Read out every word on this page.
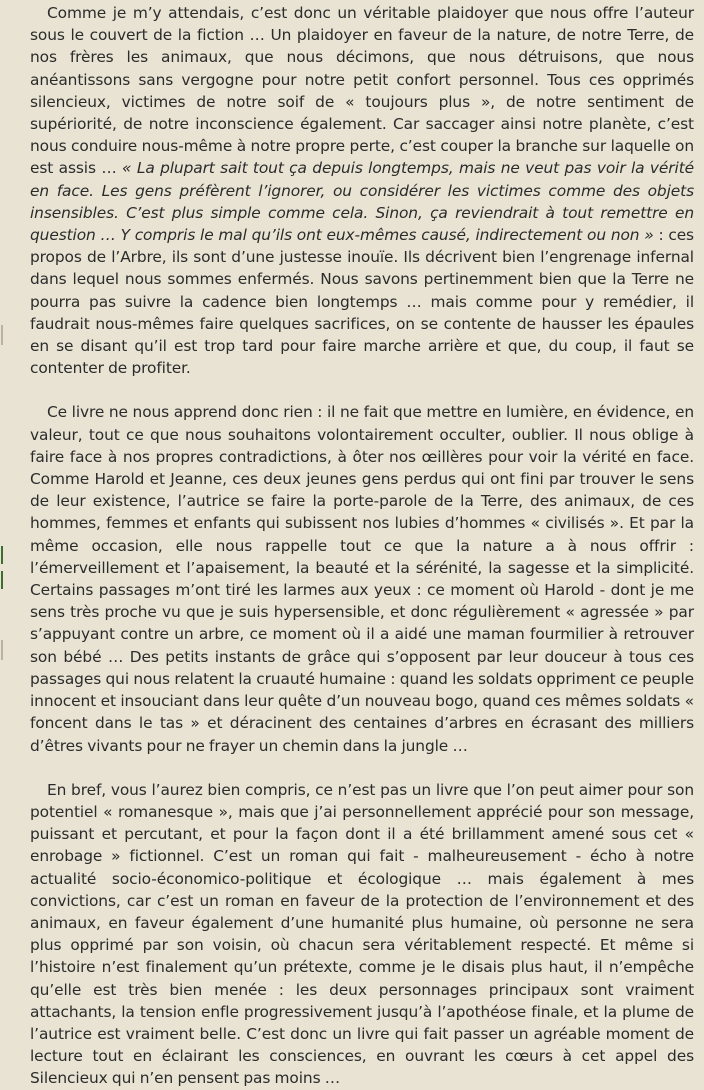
Comme je m’y attendais, c’est donc un véritable plaidoyer que nous offre l’auteur sous le couvert de la fiction … Un plaidoyer en faveur de la nature, de notre Terre, de nos frères les animaux, que nous décimons, que nous détruisons, que nous anéantissons sans vergogne pour notre petit confort personnel. Tous ces opprimés silencieux, victimes de notre soif de « toujours plus », de notre sentiment de supériorité, de notre inconscience également. Car saccager ainsi notre planète, c’est nous conduire nous-même à notre propre perte, c’est couper la branche sur laquelle on est assis … « La plupart sait tout ça depuis longtemps, mais ne veut pas voir la vérité en face. Les gens préfèrent l’ignorer, ou considérer les victimes comme des objets insensibles. C’est plus simple comme cela. Sinon, ça reviendrait à tout remettre en question … Y compris le mal qu’ils ont eux-mêmes causé, indirectement ou non » : ces propos de l’Arbre, ils sont d’une justesse inouïe. Ils décrivent bien l’engrenage infernal dans lequel nous sommes enfermés. Nous savons pertinemment bien que la Terre ne pourra pas suivre la cadence bien longtemps … mais comme pour y remédier, il faudrait nous-mêmes faire quelques sacrifices, on se contente de hausser les épaules en se disant qu’il est trop tard pour faire marche arrière et que, du coup, il faut se contenter de profiter.

Ce livre ne nous apprend donc rien : il ne fait que mettre en lumière, en évidence, en valeur, tout ce que nous souhaitons volontairement occulter, oublier. Il nous oblige à faire face à nos propres contradictions, à ôter nos œillères pour voir la vérité en face. Comme Harold et Jeanne, ces deux jeunes gens perdus qui ont fini par trouver le sens de leur existence, l’autrice se faire la porte-parole de la Terre, des animaux, de ces hommes, femmes et enfants qui subissent nos lubies d’hommes « civilisés ». Et par la même occasion, elle nous rappelle tout ce que la nature a à nous offrir : l’émerveillement et l’apaisement, la beauté et la sérénité, la sagesse et la simplicité. Certains passages m’ont tiré les larmes aux yeux : ce moment où Harold - dont je me sens très proche vu que je suis hypersensible, et donc régulièrement « agressée » par s’appuyant contre un arbre, ce moment où il a aidé une maman fourmilier à retrouver son bébé … Des petits instants de grâce qui s’opposent par leur douceur à tous ces passages qui nous relatent la cruauté humaine : quand les soldats oppriment ce peuple innocent et insouciant dans leur quête d’un nouveau bogo, quand ces mêmes soldats « foncent dans le tas » et déracinent des centaines d’arbres en écrasant des milliers d’êtres vivants pour ne frayer un chemin dans la jungle …

En bref, vous l’aurez bien compris, ce n’est pas un livre que l’on peut aimer pour son potentiel « romanesque », mais que j’ai personnellement apprécié pour son message, puissant et percutant, et pour la façon dont il a été brillamment amené sous cet « enrobage » fictionnel. C’est un roman qui fait - malheureusement - écho à notre actualité socio-économico-politique et écologique … mais également à mes convictions, car c’est un roman en faveur de la protection de l’environnement et des animaux, en faveur également d’une humanité plus humaine, où personne ne sera plus opprimé par son voisin, où chacun sera véritablement respecté. Et même si l’histoire n’est finalement qu’un prétexte, comme je le disais plus haut, il n’empêche qu’elle est très bien menée : les deux personnages principaux sont vraiment attachants, la tension enfle progressivement jusqu’à l’apothéose finale, et la plume de l’autrice est vraiment belle. C’est donc un livre qui fait passer un agréable moment de lecture tout en éclairant les consciences, en ouvrant les cœurs à cet appel des Silencieux qui n’en pensent pas moins …
